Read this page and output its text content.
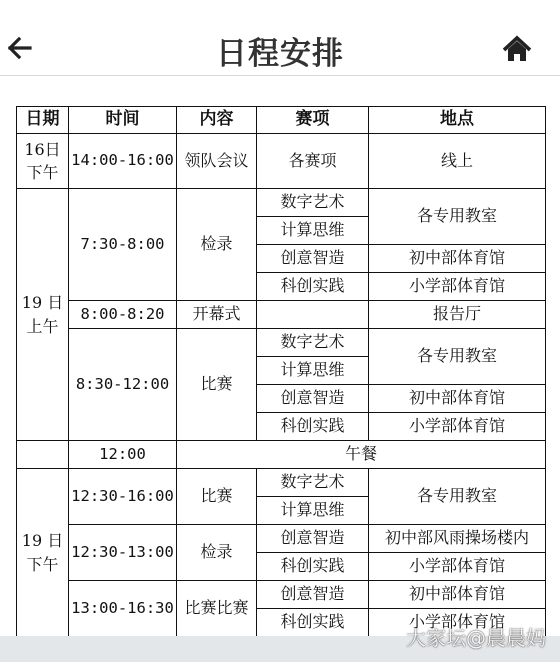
日程安排
日期	时间	内容	赛项	地点
16日下午	14:00-16:00	领队会议	各赛项	线上
19 日上午	7:30-8:00	检录	数字艺术	各专用教室
			计算思维	
			创意智造	初中部体育馆
			科创实践	小学部体育馆
	8:00-8:20	开幕式		报告厅
	8:30-12:00	比赛	数字艺术	各专用教室
			计算思维	
			创意智造	初中部体育馆
			科创实践	小学部体育馆
	12:00	午餐		
19 日下午	12:30-16:00	比赛	数字艺术	各专用教室
			计算思维	
	12:30-13:00	检录	创意智造	初中部风雨操场楼内
			科创实践	小学部体育馆
	13:00-16:30	比赛比赛	创意智造	初中部体育馆
			科创实践	小学部体育馆
大家坛@晨晨妈
